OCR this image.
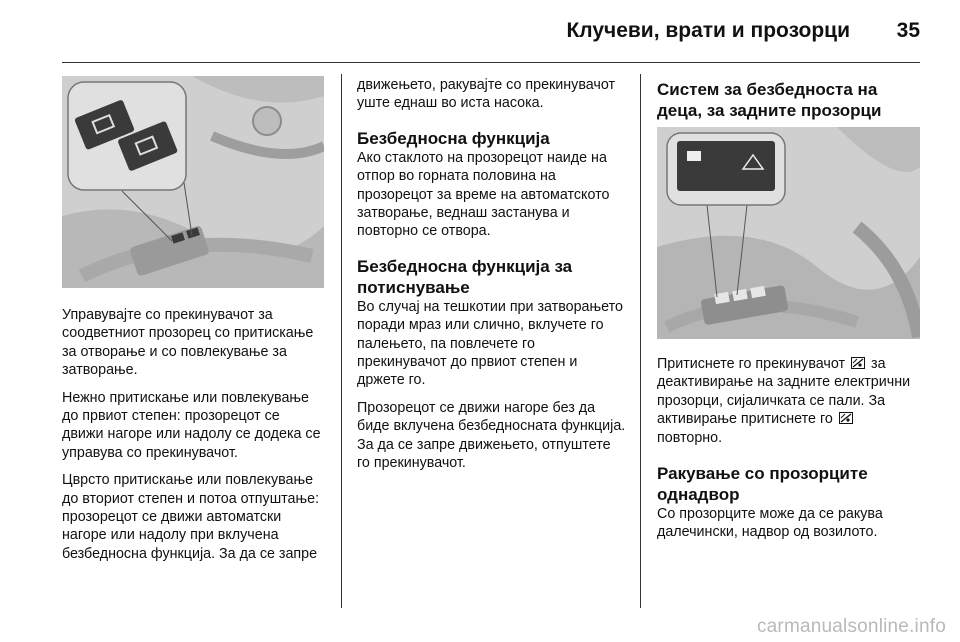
Клучеви, врати и прозорци	35

Управувајте со прекинувачот за соодветниот прозорец со притискање за отворање и со повлекување за затворање.

Нежно притискање или повлекување до првиот степен: прозорецот се движи нагоре или надолу се додека се управува со прекинувачот.

Цврсто притискање или повлекување до вториот степен и потоа отпуштање: прозорецот се движи автоматски нагоре или надолу при вклучена безбедносна функција. За да се запре

движењето, ракувајте со прекинувачот уште еднаш во иста насока.

Безбедносна функција

Ако стаклото на прозорецот наиде на отпор во горната половина на прозорецот за време на автоматското затворање, веднаш застанува и повторно се отвора.

Безбедносна функција за потиснување

Во случај на тешкотии при затворањето поради мраз или слично, вклучете го палењето, па повлечете го прекинувачот до првиот степен и држете го.

Прозорецот се движи нагоре без да биде вклучена безбедносната функција. За да се запре движењето, отпуштете го прекинувачот.

Систем за безбедноста на деца, за задните прозорци

Притиснете го прекинувачот за деактивирање на задните електрични прозорци, сијаличката се пали. За активирање притиснете го
повторно.

Ракување со прозорците однадвор

Со прозорците може да се ракува далечински, надвор од возилото.

carmanualsonline.info
